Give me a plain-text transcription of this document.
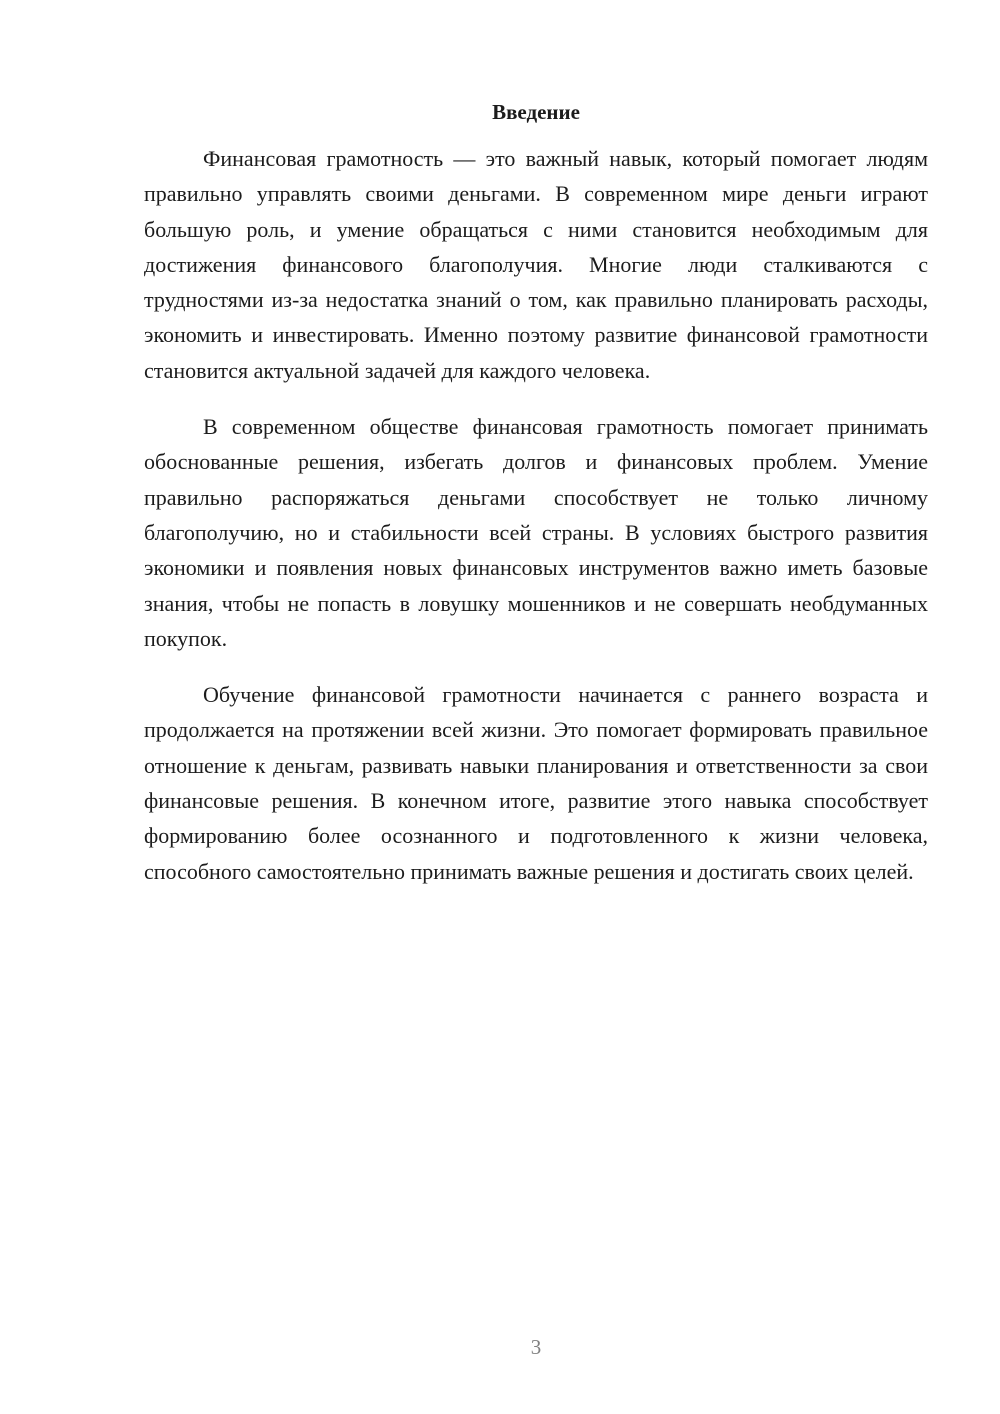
Введение

Финансовая грамотность — это важный навык, который помогает людям правильно управлять своими деньгами. В современном мире деньги играют большую роль, и умение обращаться с ними становится необходимым для достижения финансового благополучия. Многие люди сталкиваются с трудностями из-за недостатка знаний о том, как правильно планировать расходы, экономить и инвестировать. Именно поэтому развитие финансовой грамотности становится актуальной задачей для каждого человека.

В современном обществе финансовая грамотность помогает принимать обоснованные решения, избегать долгов и финансовых проблем. Умение правильно распоряжаться деньгами способствует не только личному благополучию, но и стабильности всей страны. В условиях быстрого развития экономики и появления новых финансовых инструментов важно иметь базовые знания, чтобы не попасть в ловушку мошенников и не совершать необдуманных покупок.

Обучение финансовой грамотности начинается с раннего возраста и продолжается на протяжении всей жизни. Это помогает формировать правильное отношение к деньгам, развивать навыки планирования и ответственности за свои финансовые решения. В конечном итоге, развитие этого навыка способствует формированию более осознанного и подготовленного к жизни человека, способного самостоятельно принимать важные решения и достигать своих целей.

3
